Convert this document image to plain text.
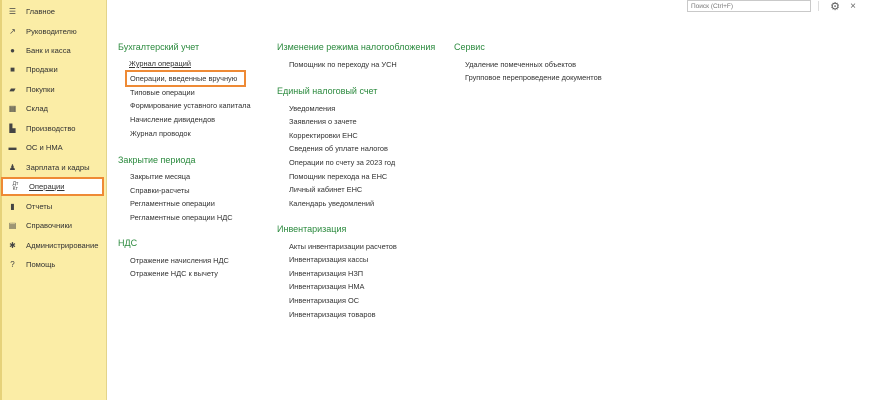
☰ Главное
↗ Руководителю
● Банк и касса
■ Продажи
▰ Покупки
▦ Склад
▙ Производство
▬ ОС и НМА
♟ Зарплата и кадры
Дт
Кт Операции
▮	Отчеты
▤ Справочники
✱ Администрирование
?	Помощь
Поиск (Ctrl+F)
⚙	×
Бухгалтерский учет
Журнал операций
Операции, введенные вручную
Типовые операции
Формирование уставного капитала
Начисление дивидендов
Журнал проводок
Закрытие периода
Закрытие месяца
Справки-расчеты
Регламентные операции
Регламентные операции НДС
НДС
Отражение начисления НДС
Отражение НДС к вычету
Изменение режима налогообложения
Помощник по переходу на УСН
Единый налоговый счет
Уведомления
Заявления о зачете
Корректировки ЕНС
Сведения об уплате налогов
Операции по счету за 2023 год
Помощник перехода на ЕНС
Личный кабинет ЕНС
Календарь уведомлений
Инвентаризация
Акты инвентаризации расчетов
Инвентаризация кассы
Инвентаризация НЗП
Инвентаризация НМА
Инвентаризация ОС
Инвентаризация товаров
Сервис
Удаление помеченных объектов
Групповое перепроведение документов
